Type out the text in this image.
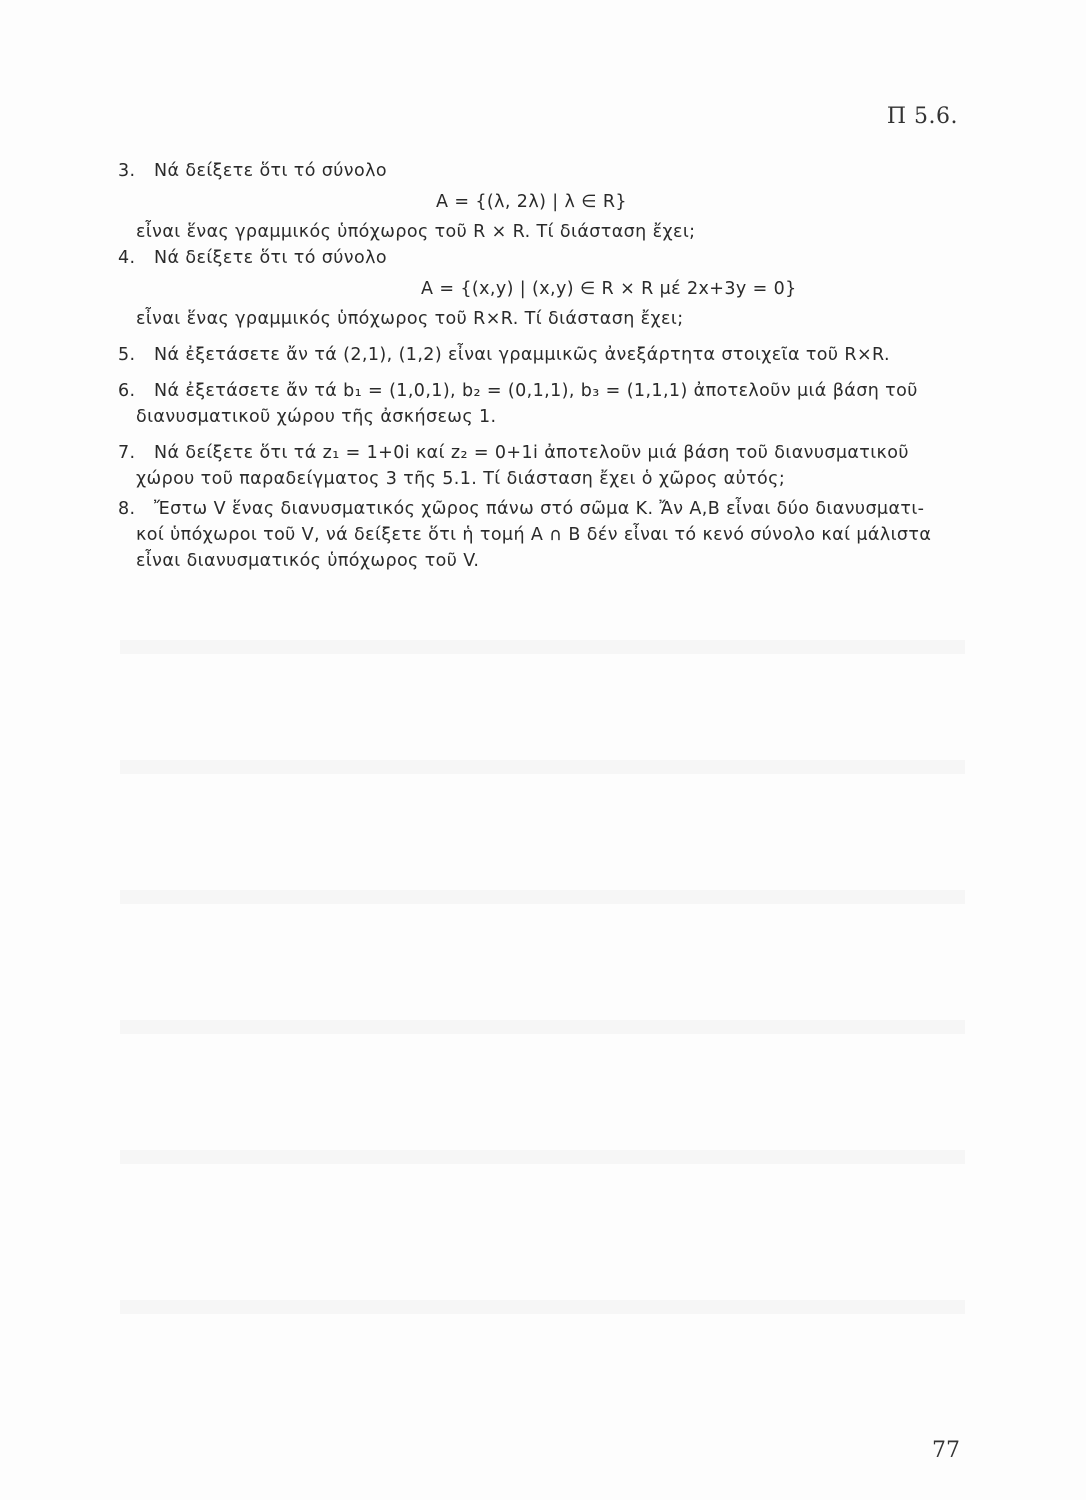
Π 5.6.
3. Νά δείξετε ὅτι τό σύνολο
A = {(λ, 2λ) | λ ∈ R}
εἶναι ἕνας γραμμικός ὑπόχωρος τοῦ R × R. Τί διάσταση ἔχει;
4. Νά δείξετε ὅτι τό σύνολο
A = {(x,y) | (x,y) ∈ R × R μέ 2x+3y = 0}
εἶναι ἕνας γραμμικός ὑπόχωρος τοῦ R×R. Τί διάσταση ἔχει;
5. Νά ἐξετάσετε ἄν τά (2,1), (1,2) εἶναι γραμμικῶς ἀνεξάρτητα στοιχεῖα τοῦ R×R.
6. Νά ἐξετάσετε ἄν τά b₁ = (1,0,1), b₂ = (0,1,1), b₃ = (1,1,1) ἀποτελοῦν μιά βάση τοῦ
διανυσματικοῦ χώρου τῆς ἀσκήσεως 1.
7. Νά δείξετε ὅτι τά z₁ = 1+0i καί z₂ = 0+1i ἀποτελοῦν μιά βάση τοῦ διανυσματικοῦ
χώρου τοῦ παραδείγματος 3 τῆς 5.1. Τί διάσταση ἔχει ὁ χῶρος αὐτός;
8. Ἔστω V ἕνας διανυσματικός χῶρος πάνω στό σῶμα K. Ἄν A,B εἶναι δύο διανυσματι-
κοί ὑπόχωροι τοῦ V, νά δείξετε ὅτι ἡ τομή A ∩ B δέν εἶναι τό κενό σύνολο καί μάλιστα
εἶναι διανυσματικός ὑπόχωρος τοῦ V.
77
